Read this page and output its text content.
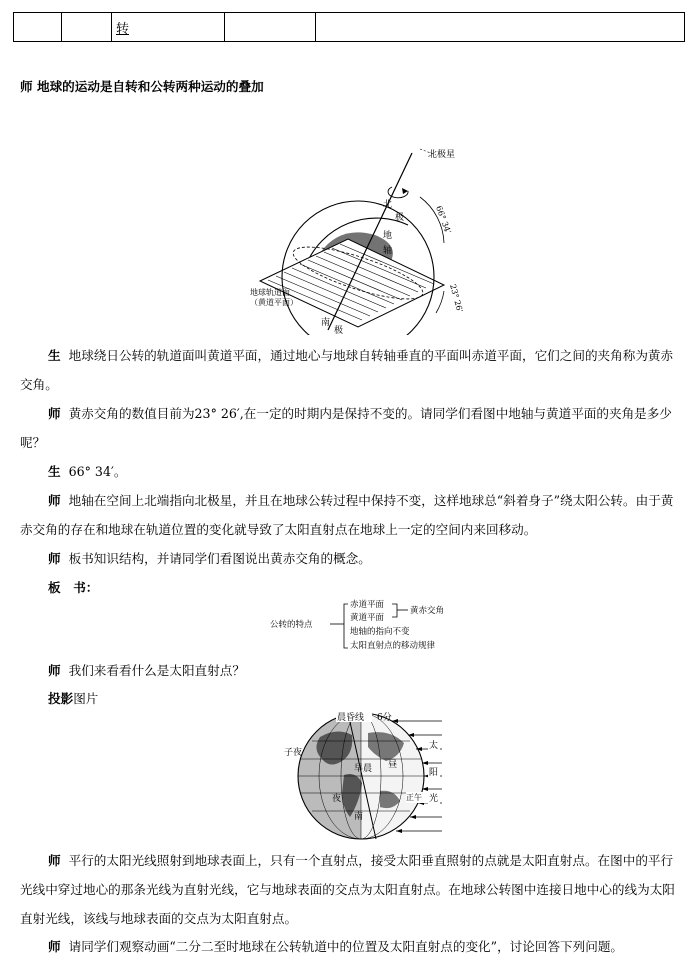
		转		
师 地球的运动是自转和公转两种运动的叠加
北极星
北
极
地
轴
南
极
地球轨道面
（黄道平面）
66° 34′
23° 26′
生 地球绕日公转的轨道面叫黄道平面，通过地心与地球自转轴垂直的平面叫赤道平面，它们之间的夹角称为黄赤交角。
师 黄赤交角的数值目前为23° 26′,在一定的时期内是保持不变的。请同学们看图中地轴与黄道平面的夹角是多少呢？
生 66° 34′。
师 地轴在空间上北端指向北极星，并且在地球公转过程中保持不变，这样地球总“斜着身子”绕太阳公转。由于黄赤交角的存在和地球在轨道位置的变化就导致了太阳直射点在地球上一定的空间内来回移动。
师 板书知识结构，并请同学们看图说出黄赤交角的概念。
板　书：
公转的特点
赤道平面
黄道平面
地轴的指向不变
太阳直射点的移动规律
黄赤交角
师 我们来看看什么是太阳直射点？
投影图片
晨昏线 6分
子夜
早晨 昼
夜
南
正午
太
阳
光
师 平行的太阳光线照射到地球表面上，只有一个直射点，接受太阳垂直照射的点就是太阳直射点。在图中的平行光线中穿过地心的那条光线为直射光线，它与地球表面的交点为太阳直射点。在地球公转图中连接日地中心的线为太阳直射光线，该线与地球表面的交点为太阳直射点。
师 请同学们观察动画“二分二至时地球在公转轨道中的位置及太阳直射点的变化”，讨论回答下列问题。
